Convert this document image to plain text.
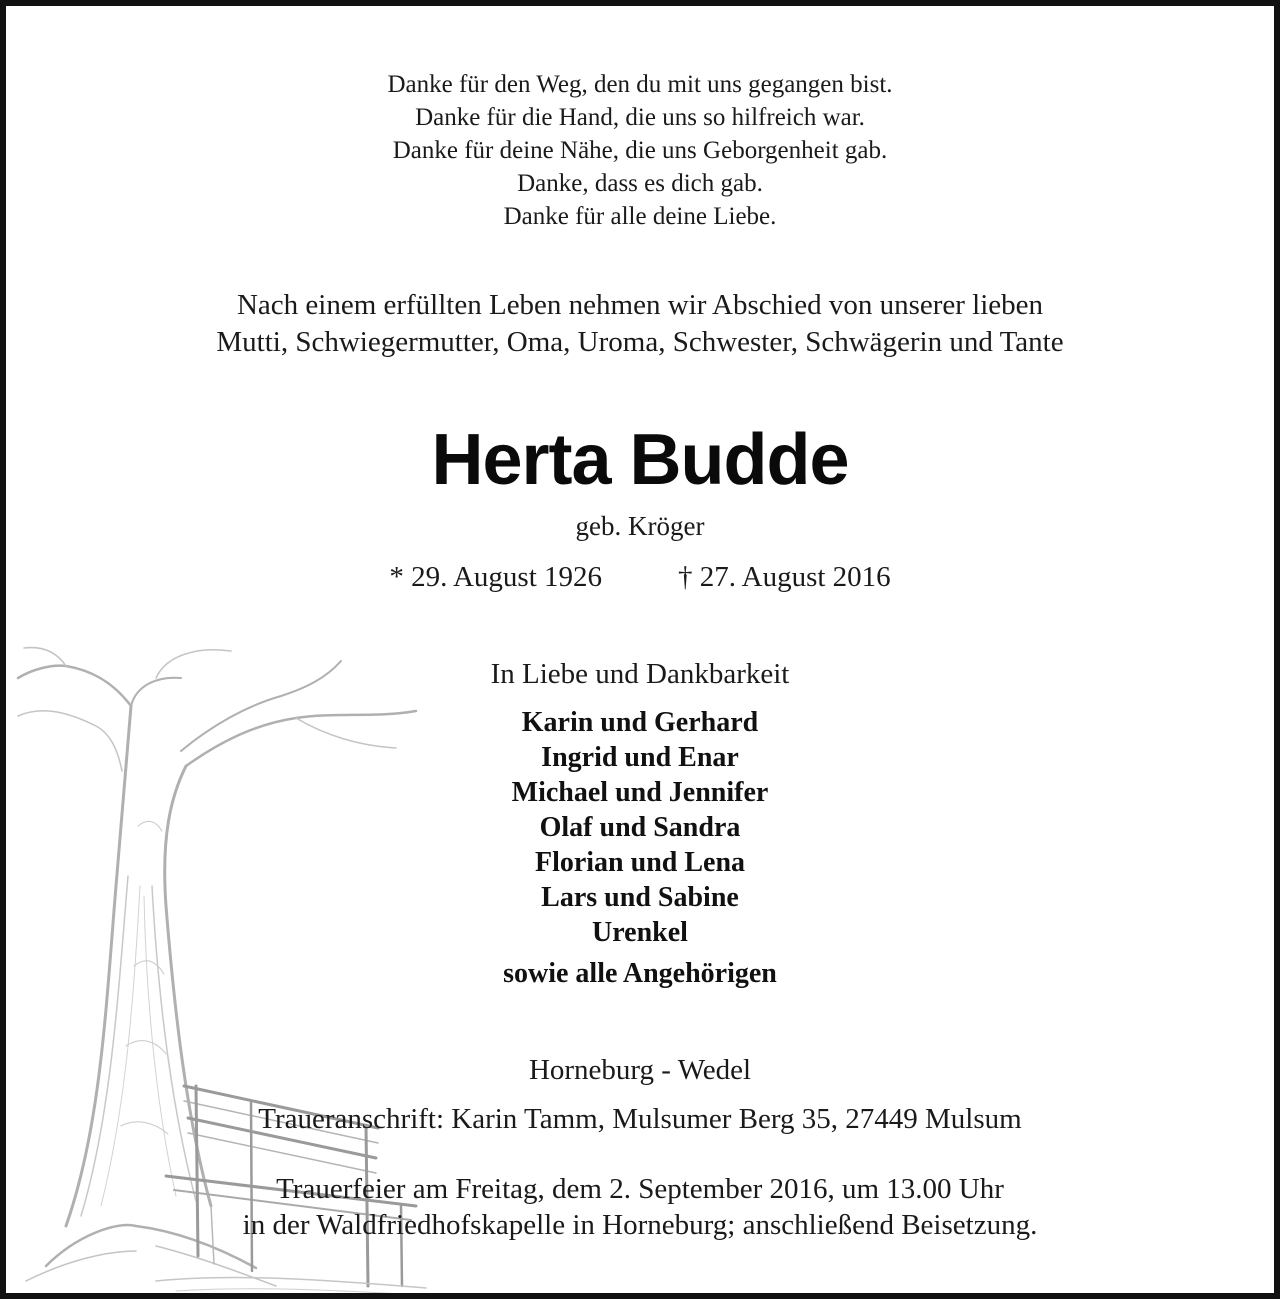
Danke für den Weg, den du mit uns gegangen bist.
Danke für die Hand, die uns so hilfreich war.
Danke für deine Nähe, die uns Geborgenheit gab.
Danke, dass es dich gab.
Danke für alle deine Liebe.
Nach einem erfüllten Leben nehmen wir Abschied von unserer lieben
Mutti, Schwiegermutter, Oma, Uroma, Schwester, Schwägerin und Tante
Herta Budde
geb. Kröger
* 29. August 1926	† 27. August 2016
In Liebe und Dankbarkeit
Karin und Gerhard
Ingrid und Enar
Michael und Jennifer
Olaf und Sandra
Florian und Lena
Lars und Sabine
Urenkel
sowie alle Angehörigen
Horneburg - Wedel
Traueranschrift: Karin Tamm, Mulsumer Berg 35, 27449 Mulsum
Trauerfeier am Freitag, dem 2. September 2016, um 13.00 Uhr
in der Waldfriedhofskapelle in Horneburg; anschließend Beisetzung.
